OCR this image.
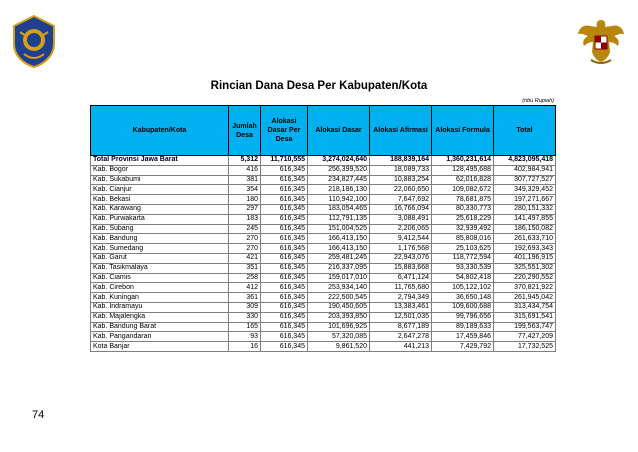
Rincian Dana Desa Per Kabupaten/Kota
(ribu Rupiah)
Kabupaten/Kota	Jumlah Desa	Alokasi Dasar Per Desa	Alokasi Dasar	Alokasi Afirmasi	Alokasi Formula	Total
Total Provinsi Jawa Barat	5,312	11,710,555	3,274,024,640	188,839,164	1,360,231,614	4,823,095,418
Kab. Bogor	416	616,345	256,399,520	18,089,733	128,495,688	402,984,941
Kab. Sukabumi	381	616,345	234,827,445	10,883,254	62,016,828	307,727,527
Kab. Cianjur	354	616,345	218,186,130	22,060,650	109,082,672	349,329,452
Kab. Bekasi	180	616,345	110,942,100	7,647,692	78,681,875	197,271,667
Kab. Karawang	297	616,345	183,054,465	16,766,094	80,330,773	280,151,332
Kab. Purwakarta	183	616,345	112,791,135	3,088,491	25,618,229	141,497,855
Kab. Subang	245	616,345	151,004,525	2,206,065	32,939,492	186,150,082
Kab. Bandung	270	616,345	166,413,150	9,412,544	85,808,016	261,633,710
Kab. Sumedang	270	616,345	166,413,150	1,176,568	25,103,625	192,693,343
Kab. Garut	421	616,345	259,481,245	22,943,076	118,772,594	401,196,915
Kab. Tasikmalaya	351	616,345	216,337,095	15,883,668	93,330,539	325,551,302
Kab. Ciamis	258	616,345	159,017,010	6,471,124	54,802,418	220,290,552
Kab. Cirebon	412	616,345	253,934,140	11,765,680	105,122,102	370,821,922
Kab. Kuningan	361	616,345	222,500,545	2,794,349	36,650,148	261,945,042
Kab. Indramayu	309	616,345	190,450,605	13,383,461	109,600,688	313,434,754
Kab. Majalengka	330	616,345	203,393,850	12,501,035	99,796,656	315,691,541
Kab. Bandung Barat	165	616,345	101,696,925	8,677,189	89,189,633	199,563,747
Kab. Pangandaran	93	616,345	57,320,085	2,647,278	17,459,846	77,427,209
Kota Banjar	16	616,345	9,861,520	441,213	7,429,792	17,732,525
74
